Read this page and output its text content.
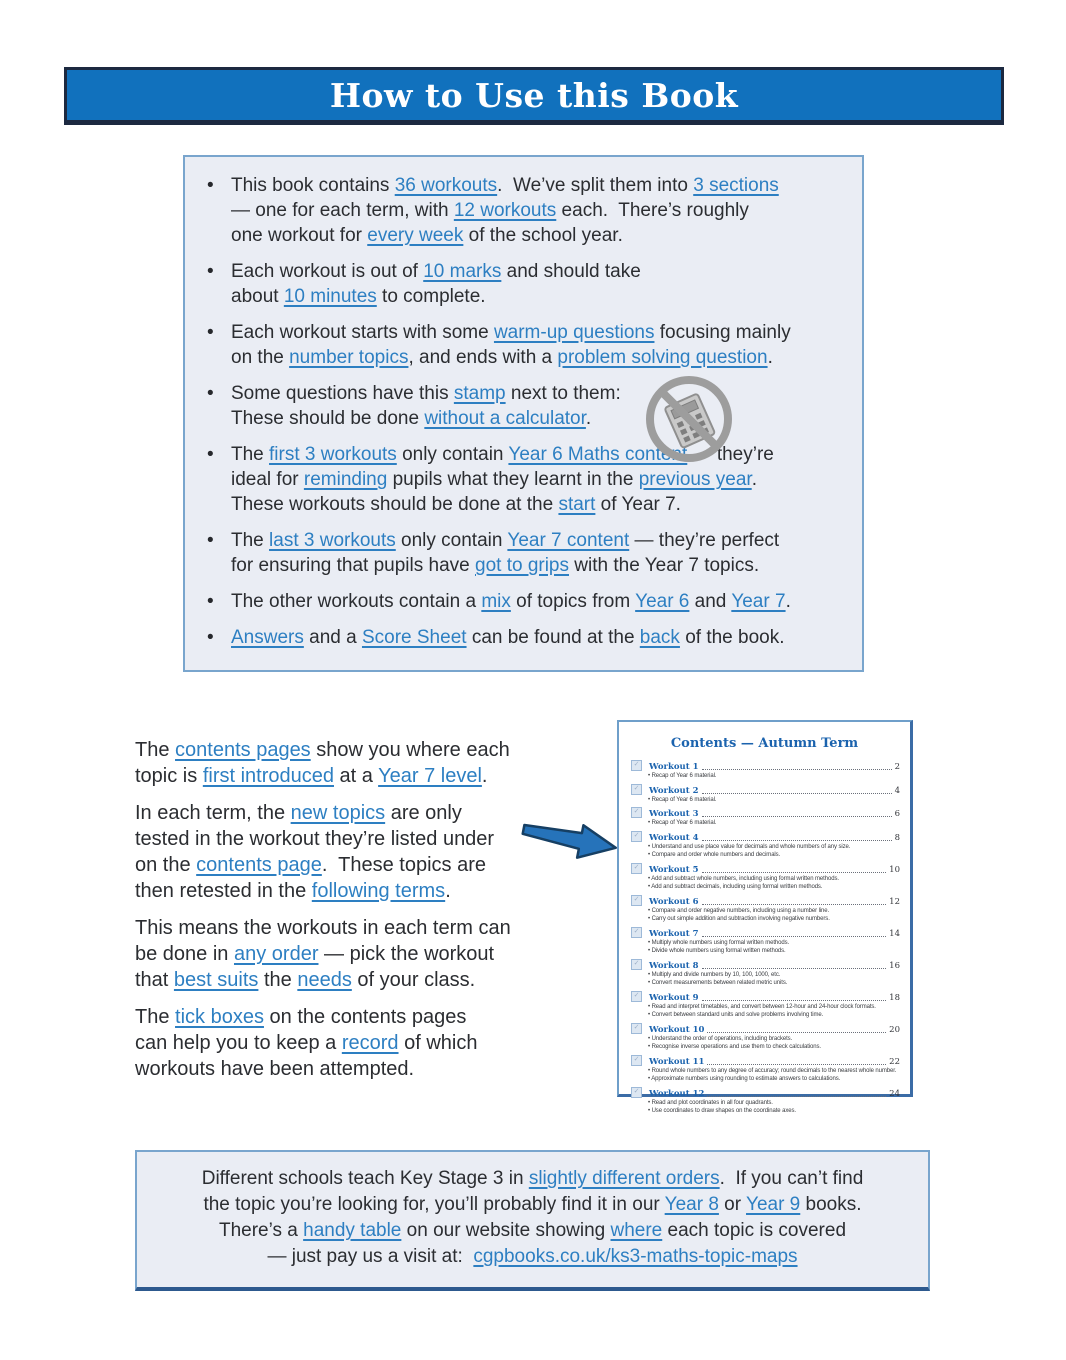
How to Use this Book
• This book contains 36 workouts.  We’ve split them into 3 sections
— one for each term, with 12 workouts each.  There’s roughly
one workout for every week of the school year.
• Each workout is out of 10 marks and should take
about 10 minutes to complete.
• Each workout starts with some warm-up questions focusing mainly
on the number topics, and ends with a problem solving question.
• Some questions have this stamp next to them:
These should be done without a calculator.
• The first 3 workouts only contain Year 6 Maths content — they’re
ideal for reminding pupils what they learnt in the previous year.
These workouts should be done at the start of Year 7.
• The last 3 workouts only contain Year 7 content — they’re perfect
for ensuring that pupils have got to grips with the Year 7 topics.
• The other workouts contain a mix of topics from Year 6 and Year 7.
• Answers and a Score Sheet can be found at the back of the book.
The contents pages show you where each
topic is first introduced at a Year 7 level.
In each term, the new topics are only
tested in the workout they’re listed under
on the contents page.  These topics are
then retested in the following terms.
This means the workouts in each term can
be done in any order — pick the workout
that best suits the needs of your class.
The tick boxes on the contents pages
can help you to keep a record of which
workouts have been attempted.
Contents — Autumn Term
✓	Workout 1	2
• Recap of Year 6 material.
✓	Workout 2	4
• Recap of Year 6 material.
✓	Workout 3	6
• Recap of Year 6 material.
✓	Workout 4	8
• Understand and use place value for decimals and whole numbers of any size.
• Compare and order whole numbers and decimals.
✓	Workout 5	10
• Add and subtract whole numbers, including using formal written methods.
• Add and subtract decimals, including using formal written methods.
✓	Workout 6	12
• Compare and order negative numbers, including using a number line.
• Carry out simple addition and subtraction involving negative numbers.
✓	Workout 7	14
• Multiply whole numbers using formal written methods.
• Divide whole numbers using formal written methods.
✓	Workout 8	16
• Multiply and divide numbers by 10, 100, 1000, etc.
• Convert measurements between related metric units.
✓	Workout 9	18
• Read and interpret timetables, and convert between 12-hour and 24-hour clock formats.
• Convert between standard units and solve problems involving time.
✓	Workout 10	20
• Understand the order of operations, including brackets.
• Recognise inverse operations and use them to check calculations.
✓	Workout 11	22
• Round whole numbers to any degree of accuracy; round decimals to the nearest whole number.
• Approximate numbers using rounding to estimate answers to calculations.
✓	Workout 12	24
• Read and plot coordinates in all four quadrants.
• Use coordinates to draw shapes on the coordinate axes.
Different schools teach Key Stage 3 in slightly different orders.  If you can’t find
the topic you’re looking for, you’ll probably find it in our Year 8 or Year 9 books.
There’s a handy table on our website showing where each topic is covered
— just pay us a visit at:  cgpbooks.co.uk/ks3-maths-topic-maps
